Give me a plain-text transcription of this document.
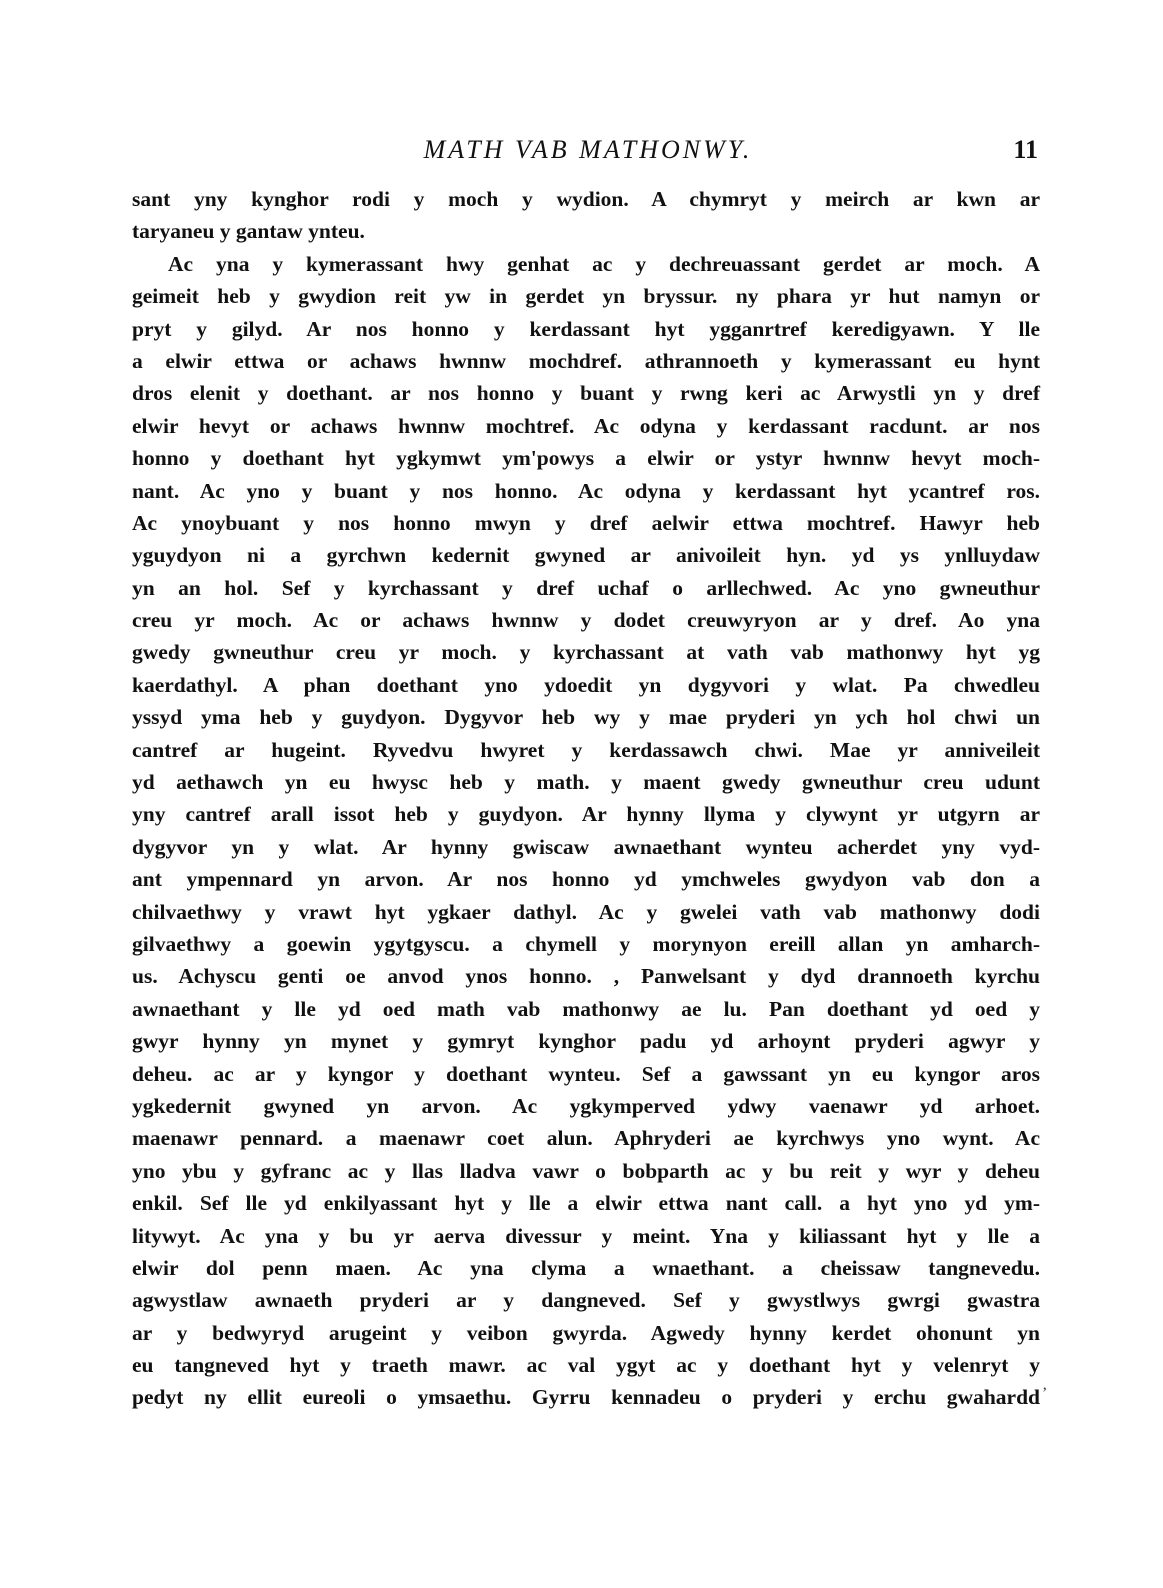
MATH VAB MATHONWY.	11
sant yny kynghor rodi y moch y wydion. A chymryt y meirch ar kwn ar
taryaneu y gantaw ynteu.
Ac yna y kymerassant hwy genhat ac y dechreuassant gerdet ar moch. A
geimeit heb y gwydion reit yw in gerdet yn bryssur. ny phara yr hut namyn or
pryt y gilyd. Ar nos honno y kerdassant hyt ygganrtref keredigyawn. Y lle
a elwir ettwa or achaws hwnnw mochdref. athrannoeth y kymerassant eu hynt
dros elenit y doethant. ar nos honno y buant y rwng keri ac Arwystli yn y dref
elwir hevyt or achaws hwnnw mochtref. Ac odyna y kerdassant racdunt. ar nos
honno y doethant hyt ygkymwt ym'powys a elwir or ystyr hwnnw hevyt moch-
nant. Ac yno y buant y nos honno. Ac odyna y kerdassant hyt ycantref ros.
Ac ynoybuant y nos honno mwyn y dref aelwir ettwa mochtref. Hawyr heb
yguydyon ni a gyrchwn kedernit gwyned ar anivoileit hyn. yd ys ynlluydaw
yn an hol. Sef y kyrchassant y dref uchaf o arllechwed. Ac yno gwneuthur
creu yr moch. Ac or achaws hwnnw y dodet creuwyryon ar y dref. Ao yna
gwedy gwneuthur creu yr moch. y kyrchassant at vath vab mathonwy hyt yg
kaerdathyl. A phan doethant yno ydoedit yn dygyvori y wlat. Pa chwedleu
yssyd yma heb y guydyon. Dygyvor heb wy y mae pryderi yn ych hol chwi un
cantref ar hugeint. Ryvedvu hwyret y kerdassawch chwi. Mae yr anniveileit
yd aethawch yn eu hwysc heb y math. y maent gwedy gwneuthur creu udunt
yny cantref arall issot heb y guydyon. Ar hynny llyma y clywynt yr utgyrn ar
dygyvor yn y wlat. Ar hynny gwiscaw awnaethant wynteu acherdet yny vyd-
ant ympennard yn arvon. Ar nos honno yd ymchweles gwydyon vab don a
chilvaethwy y vrawt hyt ygkaer dathyl. Ac y gwelei vath vab mathonwy dodi
gilvaethwy a goewin ygytgyscu. a chymell y morynyon ereill allan yn amharch-
us. Achyscu genti oe anvod ynos honno. , Panwelsant y dyd drannoeth kyrchu
awnaethant y lle yd oed math vab mathonwy ae lu. Pan doethant yd oed y
gwyr hynny yn mynet y gymryt kynghor padu yd arhoynt pryderi agwyr y
deheu. ac ar y kyngor y doethant wynteu. Sef a gawssant yn eu kyngor aros
ygkedernit gwyned yn arvon. Ac ygkymperved ydwy vaenawr yd arhoet.
maenawr pennard. a maenawr coet alun. Aphryderi ae kyrchwys yno wynt. Ac
yno ybu y gyfranc ac y llas lladva vawr o bobparth ac y bu reit y wyr y deheu
enkil. Sef lle yd enkilyassant hyt y lle a elwir ettwa nant call. a hyt yno yd ym-
litywyt. Ac yna y bu yr aerva divessur y meint. Yna y kiliassant hyt y lle a
elwir dol penn maen. Ac yna clyma a wnaethant. a cheissaw tangnevedu.
agwystlaw awnaeth pryderi ar y dangneved. Sef y gwystlwys gwrgi gwastra
ar y bedwyryd arugeint y veibon gwyrda. Agwedy hynny kerdet ohonunt yn
eu tangneved hyt y traeth mawr. ac val ygyt ac y doethant hyt y velenryt y
pedyt ny ellit eureoli o ymsaethu. Gyrru kennadeu o pryderi y erchu gwahardd
‚
